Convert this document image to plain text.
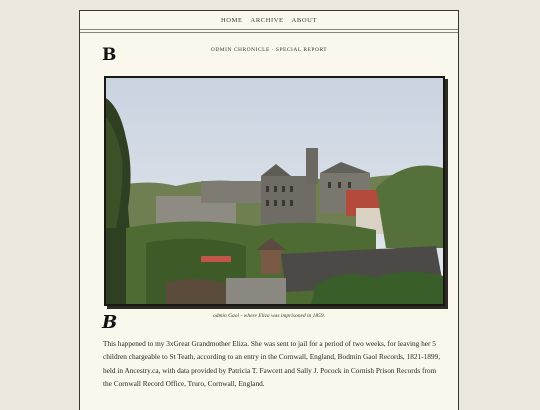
HOME ARCHIVE ABOUT
B	ODMIN CHRONICLE · SPECIAL REPORT
odmin Gaol - where Eliza was imprisoned in 1859.
B
This happened to my 3xGreat Grandmother Eliza. She was sent to jail for a period of two weeks, for leaving her 5 children chargeable to St Teath, according to an entry in the Cornwall, England, Bodmin Gaol Records, 1821-1899, held in Ancestry.ca, with data provided by Patricia T. Fawcett and Sally J. Pocock in Cornish Prison Records from the Cornwall Record Office, Truro, Cornwall, England.
